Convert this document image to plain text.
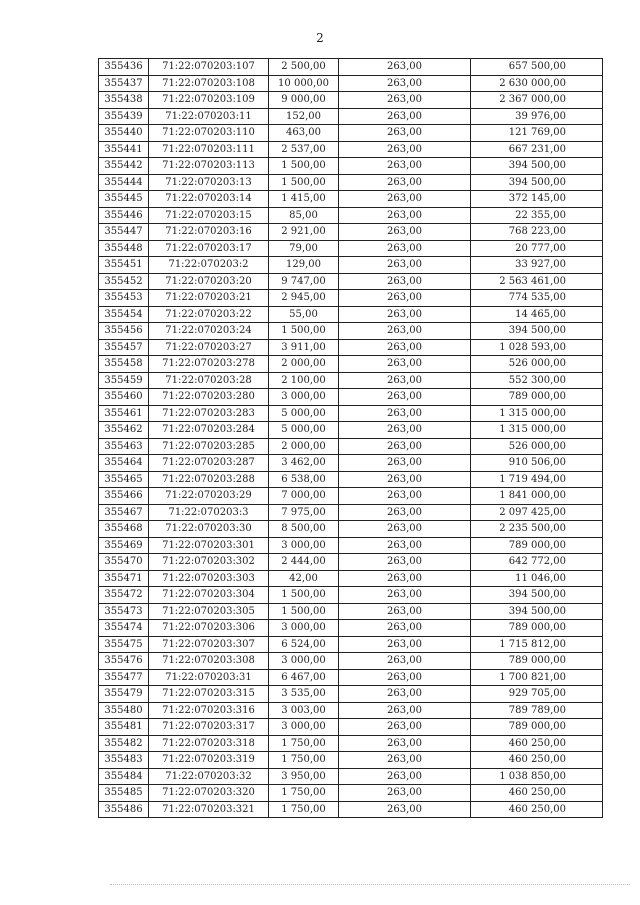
2
355436	71:22:070203:107	2 500,00	263,00	657 500,00
355437	71:22:070203:108	10 000,00	263,00	2 630 000,00
355438	71:22:070203:109	9 000,00	263,00	2 367 000,00
355439	71:22:070203:11	152,00	263,00	39 976,00
355440	71:22:070203:110	463,00	263,00	121 769,00
355441	71:22:070203:111	2 537,00	263,00	667 231,00
355442	71:22:070203:113	1 500,00	263,00	394 500,00
355444	71:22:070203:13	1 500,00	263,00	394 500,00
355445	71:22:070203:14	1 415,00	263,00	372 145,00
355446	71:22:070203:15	85,00	263,00	22 355,00
355447	71:22:070203:16	2 921,00	263,00	768 223,00
355448	71:22:070203:17	79,00	263,00	20 777,00
355451	71:22:070203:2	129,00	263,00	33 927,00
355452	71:22:070203:20	9 747,00	263,00	2 563 461,00
355453	71:22:070203:21	2 945,00	263,00	774 535,00
355454	71:22:070203:22	55,00	263,00	14 465,00
355456	71:22:070203:24	1 500,00	263,00	394 500,00
355457	71:22:070203:27	3 911,00	263,00	1 028 593,00
355458	71:22:070203:278	2 000,00	263,00	526 000,00
355459	71:22:070203:28	2 100,00	263,00	552 300,00
355460	71:22:070203:280	3 000,00	263,00	789 000,00
355461	71:22:070203:283	5 000,00	263,00	1 315 000,00
355462	71:22:070203:284	5 000,00	263,00	1 315 000,00
355463	71:22:070203:285	2 000,00	263,00	526 000,00
355464	71:22:070203:287	3 462,00	263,00	910 506,00
355465	71:22:070203:288	6 538,00	263,00	1 719 494,00
355466	71:22:070203:29	7 000,00	263,00	1 841 000,00
355467	71:22:070203:3	7 975,00	263,00	2 097 425,00
355468	71:22:070203:30	8 500,00	263,00	2 235 500,00
355469	71:22:070203:301	3 000,00	263,00	789 000,00
355470	71:22:070203:302	2 444,00	263,00	642 772,00
355471	71:22:070203:303	42,00	263,00	11 046,00
355472	71:22:070203:304	1 500,00	263,00	394 500,00
355473	71:22:070203:305	1 500,00	263,00	394 500,00
355474	71:22:070203:306	3 000,00	263,00	789 000,00
355475	71:22:070203:307	6 524,00	263,00	1 715 812,00
355476	71:22:070203:308	3 000,00	263,00	789 000,00
355477	71:22:070203:31	6 467,00	263,00	1 700 821,00
355479	71:22:070203:315	3 535,00	263,00	929 705,00
355480	71:22:070203:316	3 003,00	263,00	789 789,00
355481	71:22:070203:317	3 000,00	263,00	789 000,00
355482	71:22:070203:318	1 750,00	263,00	460 250,00
355483	71:22:070203:319	1 750,00	263,00	460 250,00
355484	71:22:070203:32	3 950,00	263,00	1 038 850,00
355485	71:22:070203:320	1 750,00	263,00	460 250,00
355486	71:22:070203:321	1 750,00	263,00	460 250,00
